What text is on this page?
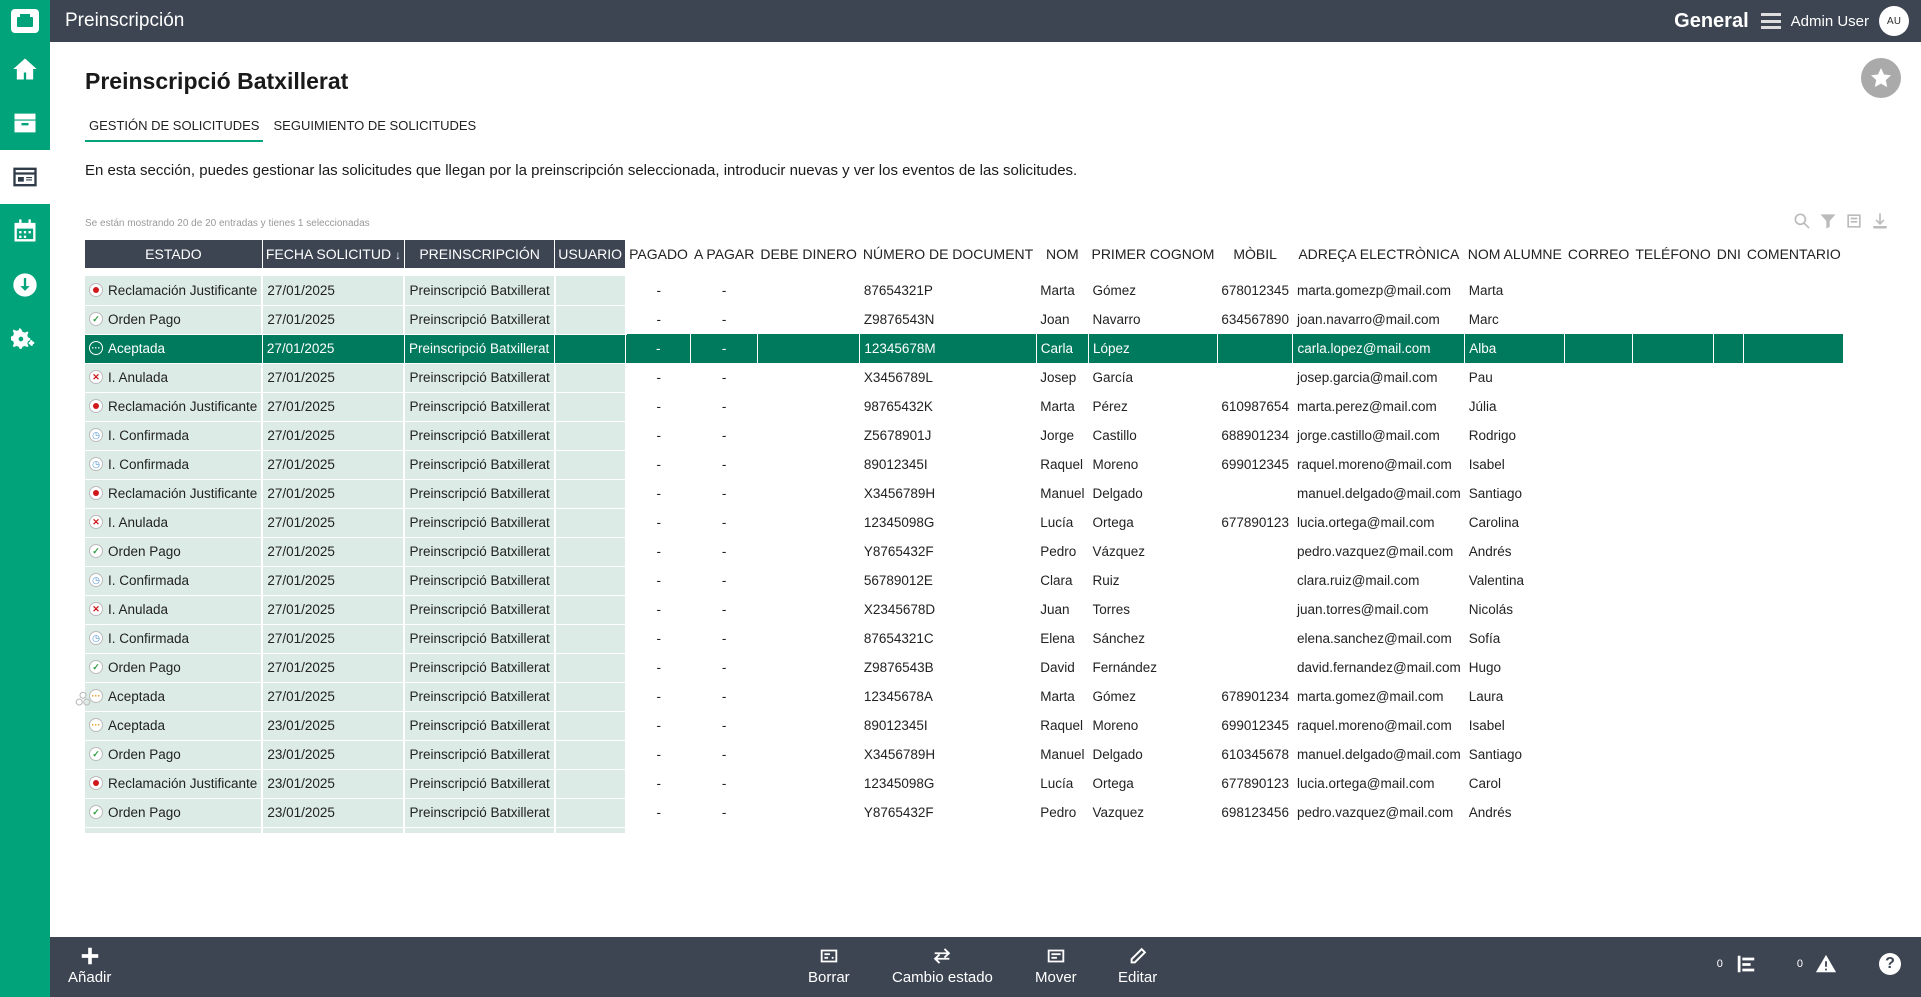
Preinscripción	General	Admin User	AU
Preinscripció Batxillerat
GESTIÓN DE SOLICITUDES	SEGUIMIENTO DE SOLICITUDES

En esta sección, puedes gestionar las solicitudes que llegan por la preinscripción seleccionada, introducir nuevas y ver los eventos de las solicitudes.

Se están mostrando 20 de 20 entradas y tienes 1 seleccionadas
ESTADO	FECHA SOLICITUD ↓	PREINSCRIPCIÓN	USUARIO	PAGADO	A PAGAR	DEBE DINERO	NÚMERO DE DOCUMENT	NOM	PRIMER COGNOM	MÒBIL	ADREÇA ELECTRÒNICA	NOM ALUMNE	CORREO	TELÉFONO	DNI	COMENTARIO

Reclamación Justificante	27/01/2025	Preinscripció Batxillerat		-	-		87654321P	Marta	Gómez	678012345	marta.gomezp@mail.com	Marta				
✓ Orden Pago	27/01/2025	Preinscripció Batxillerat		-	-		Z9876543N	Joan	Navarro	634567890	joan.navarro@mail.com	Marc				
··· Aceptada	27/01/2025	Preinscripció Batxillerat		-	-		12345678M	Carla	López		carla.lopez@mail.com	Alba				
✕ I. Anulada	27/01/2025	Preinscripció Batxillerat		-	-		X3456789L	Josep	García		josep.garcia@mail.com	Pau				
Reclamación Justificante	27/01/2025	Preinscripció Batxillerat		-	-		98765432K	Marta	Pérez	610987654	marta.perez@mail.com	Júlia				
◷ I. Confirmada	27/01/2025	Preinscripció Batxillerat		-	-		Z5678901J	Jorge	Castillo	688901234	jorge.castillo@mail.com	Rodrigo				
◷ I. Confirmada	27/01/2025	Preinscripció Batxillerat		-	-		89012345I	Raquel	Moreno	699012345	raquel.moreno@mail.com	Isabel				
Reclamación Justificante	27/01/2025	Preinscripció Batxillerat		-	-		X3456789H	Manuel	Delgado		manuel.delgado@mail.com	Santiago				
✕ I. Anulada	27/01/2025	Preinscripció Batxillerat		-	-		12345098G	Lucía	Ortega	677890123	lucia.ortega@mail.com	Carolina				
✓ Orden Pago	27/01/2025	Preinscripció Batxillerat		-	-		Y8765432F	Pedro	Vázquez		pedro.vazquez@mail.com	Andrés				
◷ I. Confirmada	27/01/2025	Preinscripció Batxillerat		-	-		56789012E	Clara	Ruiz		clara.ruiz@mail.com	Valentina				
✕ I. Anulada	27/01/2025	Preinscripció Batxillerat		-	-		X2345678D	Juan	Torres		juan.torres@mail.com	Nicolás				
◷ I. Confirmada	27/01/2025	Preinscripció Batxillerat		-	-		87654321C	Elena	Sánchez		elena.sanchez@mail.com	Sofía				
✓ Orden Pago	27/01/2025	Preinscripció Batxillerat		-	-		Z9876543B	David	Fernández		david.fernandez@mail.com	Hugo				
··· Aceptada	27/01/2025	Preinscripció Batxillerat		-	-		12345678A	Marta	Gómez	678901234	marta.gomez@mail.com	Laura				
··· Aceptada	23/01/2025	Preinscripció Batxillerat		-	-		89012345I	Raquel	Moreno	699012345	raquel.moreno@mail.com	Isabel				
✓ Orden Pago	23/01/2025	Preinscripció Batxillerat		-	-		X3456789H	Manuel	Delgado	610345678	manuel.delgado@mail.com	Santiago				
Reclamación Justificante	23/01/2025	Preinscripció Batxillerat		-	-		12345098G	Lucía	Ortega	677890123	lucia.ortega@mail.com	Carol				
✓ Orden Pago	23/01/2025	Preinscripció Batxillerat		-	-		Y8765432F	Pedro	Vazquez	698123456	pedro.vazquez@mail.com	Andrés				

Añadir	Borrar	Cambio estado	Mover	Editar
0	0	?
